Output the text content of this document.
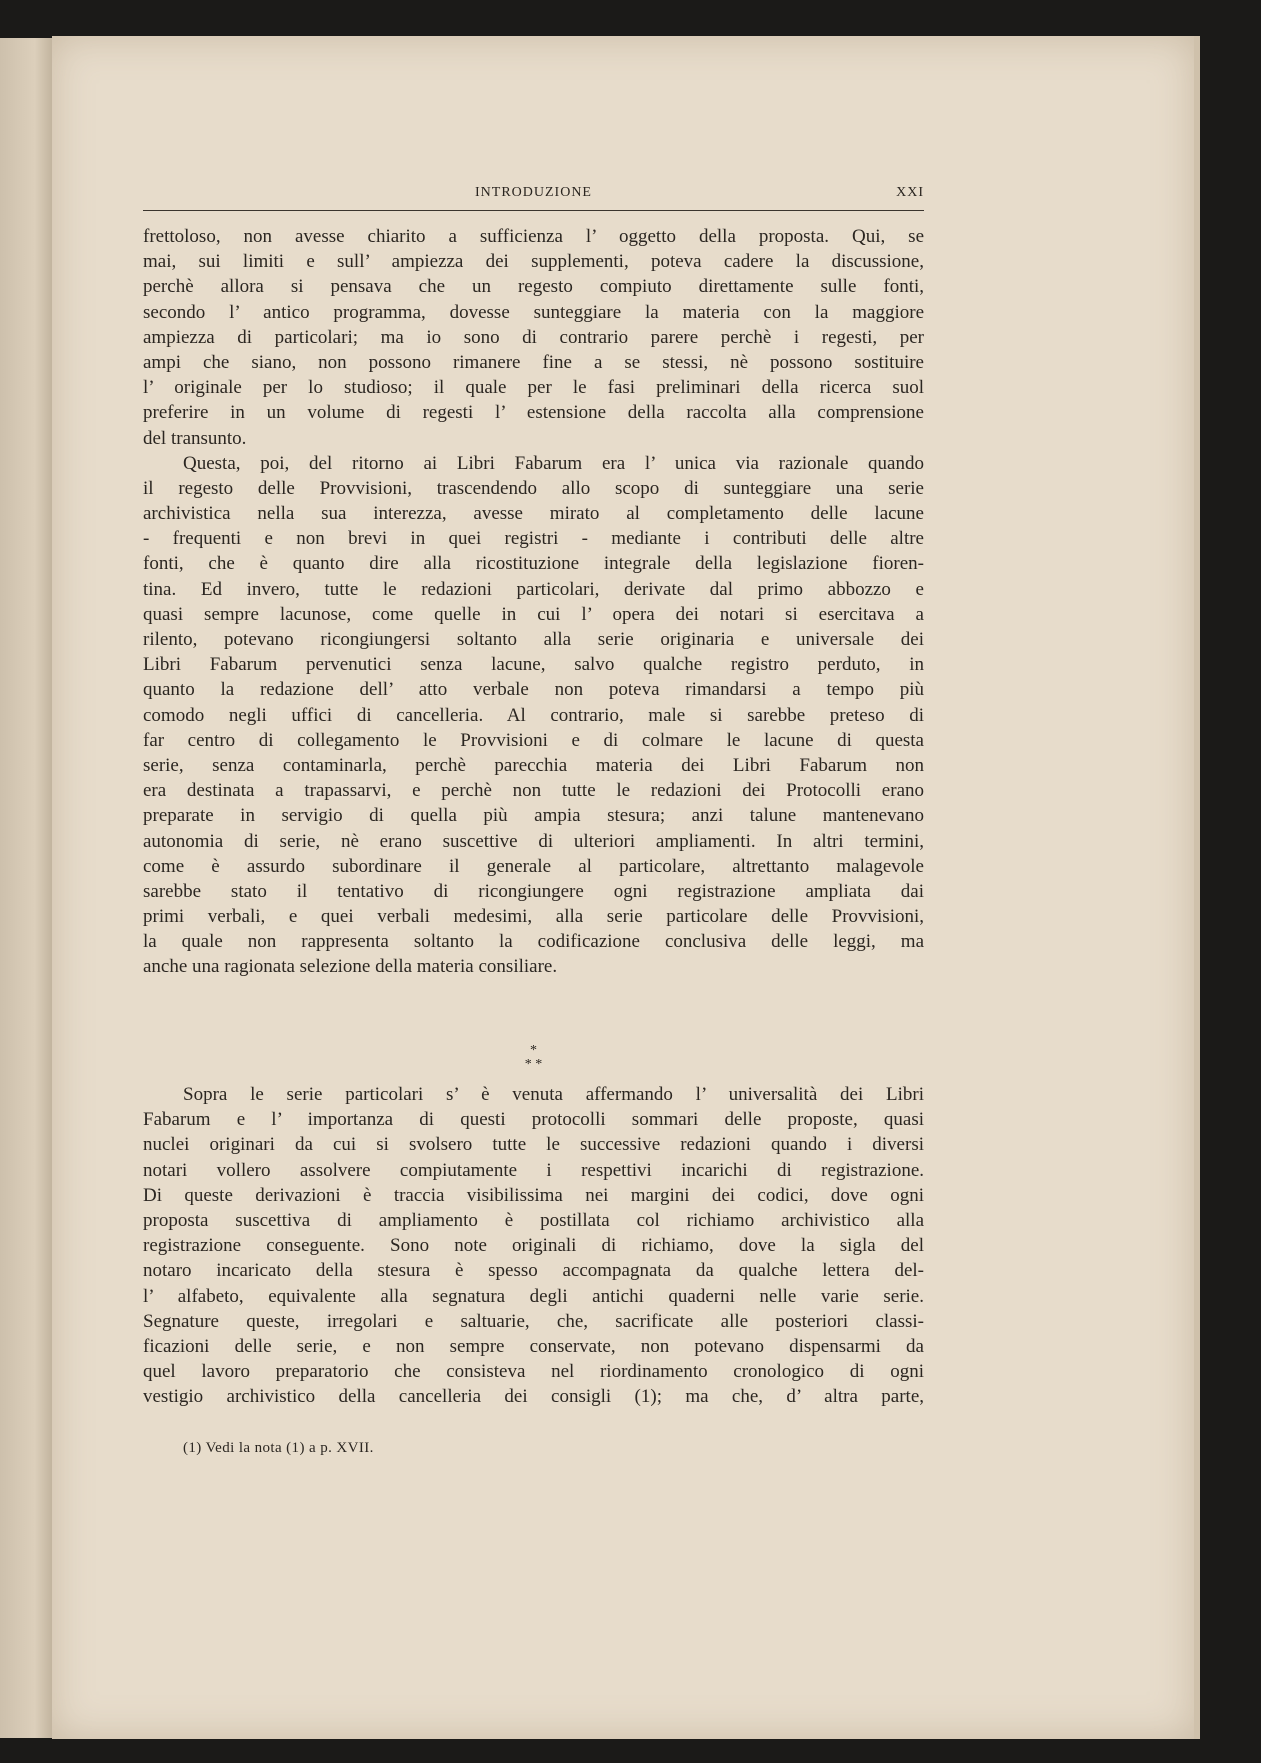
INTRODUZIONE	XXI
frettoloso, non avesse chiarito a sufficienza l’ oggetto della proposta. Qui, se
mai, sui limiti e sull’ ampiezza dei supplementi, poteva cadere la discussione,
perchè allora si pensava che un regesto compiuto direttamente sulle fonti,
secondo l’ antico programma, dovesse sunteggiare la materia con la maggiore
ampiezza di particolari; ma io sono di contrario parere perchè i regesti, per
ampi che siano, non possono rimanere fine a se stessi, nè possono sostituire
l’ originale per lo studioso; il quale per le fasi preliminari della ricerca suol
preferire in un volume di regesti l’ estensione della raccolta alla comprensione
del transunto.
Questa, poi, del ritorno ai Libri Fabarum era l’ unica via razionale quando
il regesto delle Provvisioni, trascendendo allo scopo di sunteggiare una serie
archivistica nella sua interezza, avesse mirato al completamento delle lacune
- frequenti e non brevi in quei registri - mediante i contributi delle altre
fonti, che è quanto dire alla ricostituzione integrale della legislazione fioren-
tina. Ed invero, tutte le redazioni particolari, derivate dal primo abbozzo e
quasi sempre lacunose, come quelle in cui l’ opera dei notari si esercitava a
rilento, potevano ricongiungersi soltanto alla serie originaria e universale dei
Libri Fabarum pervenutici senza lacune, salvo qualche registro perduto, in
quanto la redazione dell’ atto verbale non poteva rimandarsi a tempo più
comodo negli uffici di cancelleria. Al contrario, male si sarebbe preteso di
far centro di collegamento le Provvisioni e di colmare le lacune di questa
serie, senza contaminarla, perchè parecchia materia dei Libri Fabarum non
era destinata a trapassarvi, e perchè non tutte le redazioni dei Protocolli erano
preparate in servigio di quella più ampia stesura; anzi talune mantenevano
autonomia di serie, nè erano suscettive di ulteriori ampliamenti. In altri termini,
come è assurdo subordinare il generale al particolare, altrettanto malagevole
sarebbe stato il tentativo di ricongiungere ogni registrazione ampliata dai
primi verbali, e quei verbali medesimi, alla serie particolare delle Provvisioni,
la quale non rappresenta soltanto la codificazione conclusiva delle leggi, ma
anche una ragionata selezione della materia consiliare.
*
* *
Sopra le serie particolari s’ è venuta affermando l’ universalità dei Libri
Fabarum e l’ importanza di questi protocolli sommari delle proposte, quasi
nuclei originari da cui si svolsero tutte le successive redazioni quando i diversi
notari vollero assolvere compiutamente i respettivi incarichi di registrazione.
Di queste derivazioni è traccia visibilissima nei margini dei codici, dove ogni
proposta suscettiva di ampliamento è postillata col richiamo archivistico alla
registrazione conseguente. Sono note originali di richiamo, dove la sigla del
notaro incaricato della stesura è spesso accompagnata da qualche lettera del-
l’ alfabeto, equivalente alla segnatura degli antichi quaderni nelle varie serie.
Segnature queste, irregolari e saltuarie, che, sacrificate alle posteriori classi-
ficazioni delle serie, e non sempre conservate, non potevano dispensarmi da
quel lavoro preparatorio che consisteva nel riordinamento cronologico di ogni
vestigio archivistico della cancelleria dei consigli (1); ma che, d’ altra parte,
(1) Vedi la nota (1) a p. XVII.
